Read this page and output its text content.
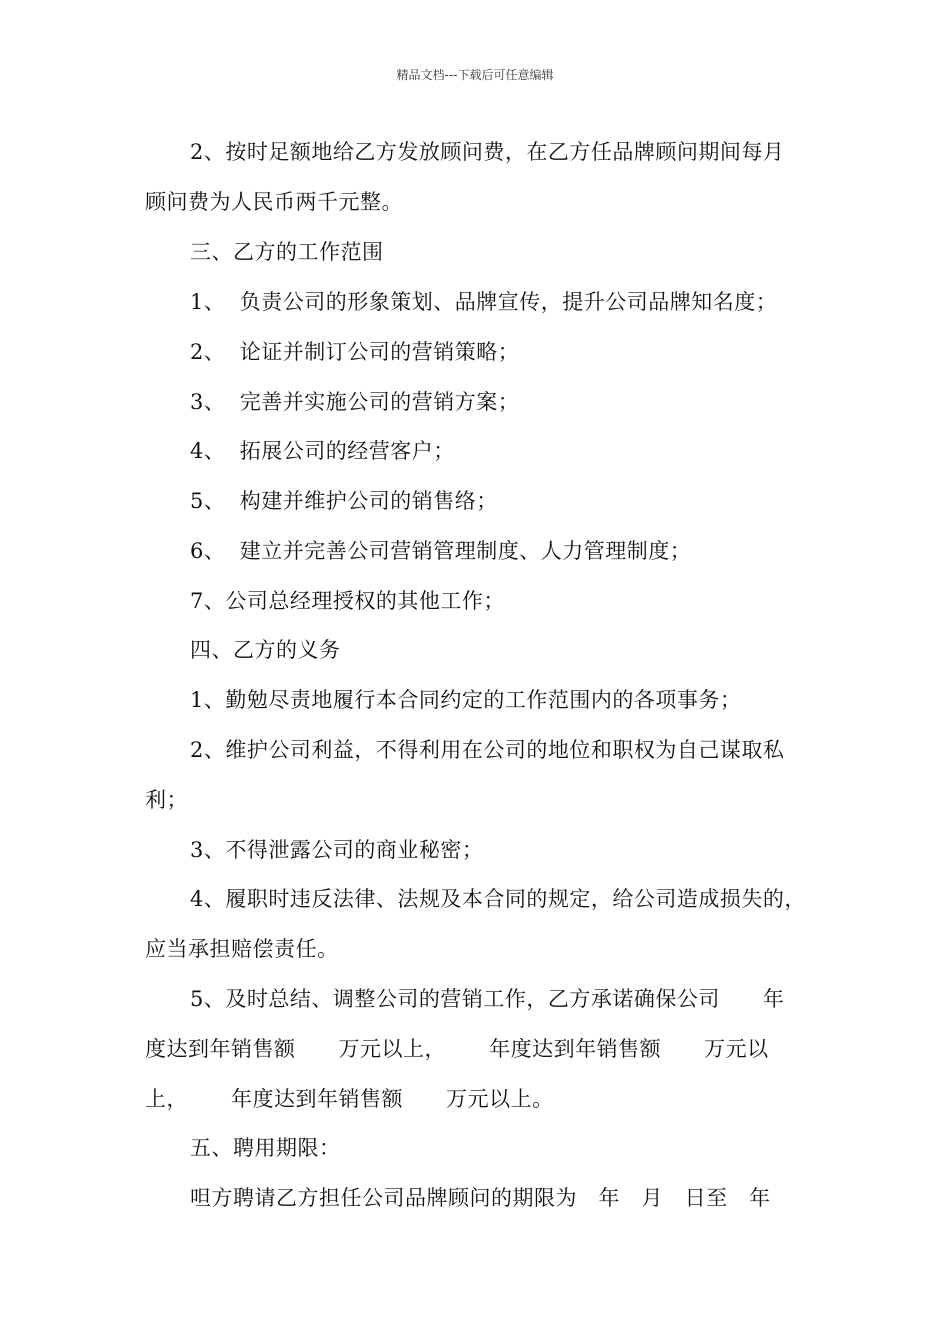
精品文档---下载后可任意编辑
2、按时足额地给乙方发放顾问费，在乙方任品牌顾问期间每月
顾问费为人民币两千元整。
三、乙方的工作范围
1、  负责公司的形象策划、品牌宣传，提升公司品牌知名度；
2、  论证并制订公司的营销策略；
3、  完善并实施公司的营销方案；
4、  拓展公司的经营客户；
5、  构建并维护公司的销售络；
6、  建立并完善公司营销管理制度、人力管理制度；
7、公司总经理授权的其他工作；
四、乙方的义务
1、勤勉尽责地履行本合同约定的工作范围内的各项事务；
2、维护公司利益，不得利用在公司的地位和职权为自己谋取私
利；
3、不得泄露公司的商业秘密；
4、履职时违反法律、法规及本合同的规定，给公司造成损失的，
应当承担赔偿责任。
5、及时总结、调整公司的营销工作，乙方承诺确保公司      年
度达到年销售额      万元以上，      年度达到年销售额      万元以
上，      年度达到年销售额      万元以上。
五、聘用期限：
呾方聘请乙方担任公司品牌顾问的期限为   年   月   日至   年
